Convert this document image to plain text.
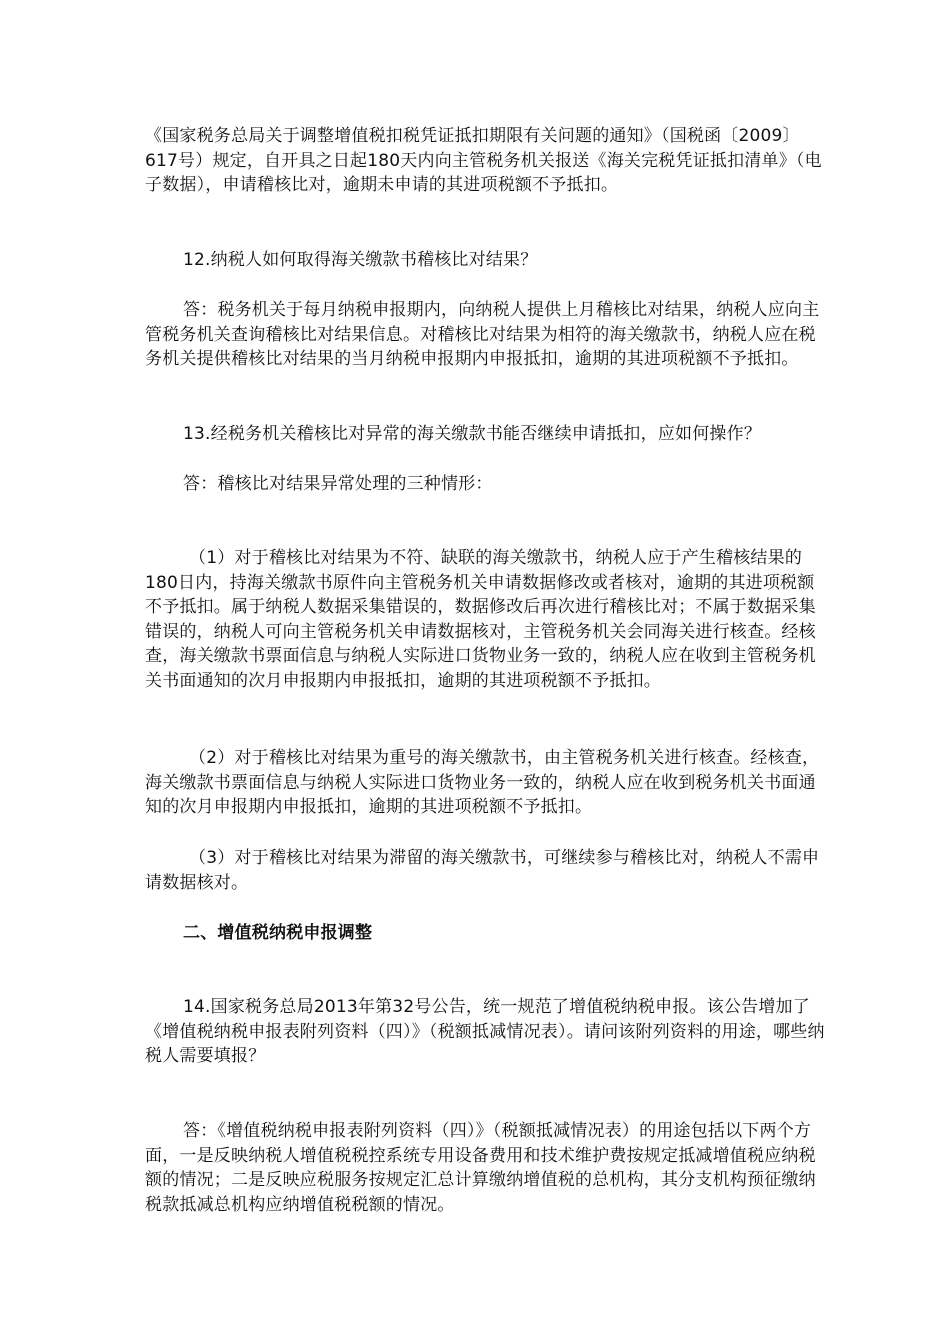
《国家税务总局关于调整增值税扣税凭证抵扣期限有关问题的通知》（国税函〔2009〕617号）规定，自开具之日起180天内向主管税务机关报送《海关完税凭证抵扣清单》（电子数据），申请稽核比对，逾期未申请的其进项税额不予抵扣。

12.纳税人如何取得海关缴款书稽核比对结果？

答：税务机关于每月纳税申报期内，向纳税人提供上月稽核比对结果，纳税人应向主管税务机关查询稽核比对结果信息。对稽核比对结果为相符的海关缴款书，纳税人应在税务机关提供稽核比对结果的当月纳税申报期内申报抵扣，逾期的其进项税额不予抵扣。

13.经税务机关稽核比对异常的海关缴款书能否继续申请抵扣，应如何操作？

答：稽核比对结果异常处理的三种情形：

（1）对于稽核比对结果为不符、缺联的海关缴款书，纳税人应于产生稽核结果的180日内，持海关缴款书原件向主管税务机关申请数据修改或者核对，逾期的其进项税额不予抵扣。属于纳税人数据采集错误的，数据修改后再次进行稽核比对；不属于数据采集错误的，纳税人可向主管税务机关申请数据核对，主管税务机关会同海关进行核查。经核查，海关缴款书票面信息与纳税人实际进口货物业务一致的，纳税人应在收到主管税务机关书面通知的次月申报期内申报抵扣，逾期的其进项税额不予抵扣。

（2）对于稽核比对结果为重号的海关缴款书，由主管税务机关进行核查。经核查，海关缴款书票面信息与纳税人实际进口货物业务一致的，纳税人应在收到税务机关书面通知的次月申报期内申报抵扣，逾期的其进项税额不予抵扣。

（3）对于稽核比对结果为滞留的海关缴款书，可继续参与稽核比对，纳税人不需申请数据核对。

二、增值税纳税申报调整

14.国家税务总局2013年第32号公告，统一规范了增值税纳税申报。该公告增加了《增值税纳税申报表附列资料（四）》（税额抵减情况表）。请问该附列资料的用途，哪些纳税人需要填报？

答：《增值税纳税申报表附列资料（四）》（税额抵减情况表）的用途包括以下两个方面，一是反映纳税人增值税税控系统专用设备费用和技术维护费按规定抵减增值税应纳税额的情况；二是反映应税服务按规定汇总计算缴纳增值税的总机构，其分支机构预征缴纳税款抵减总机构应纳增值税税额的情况。
